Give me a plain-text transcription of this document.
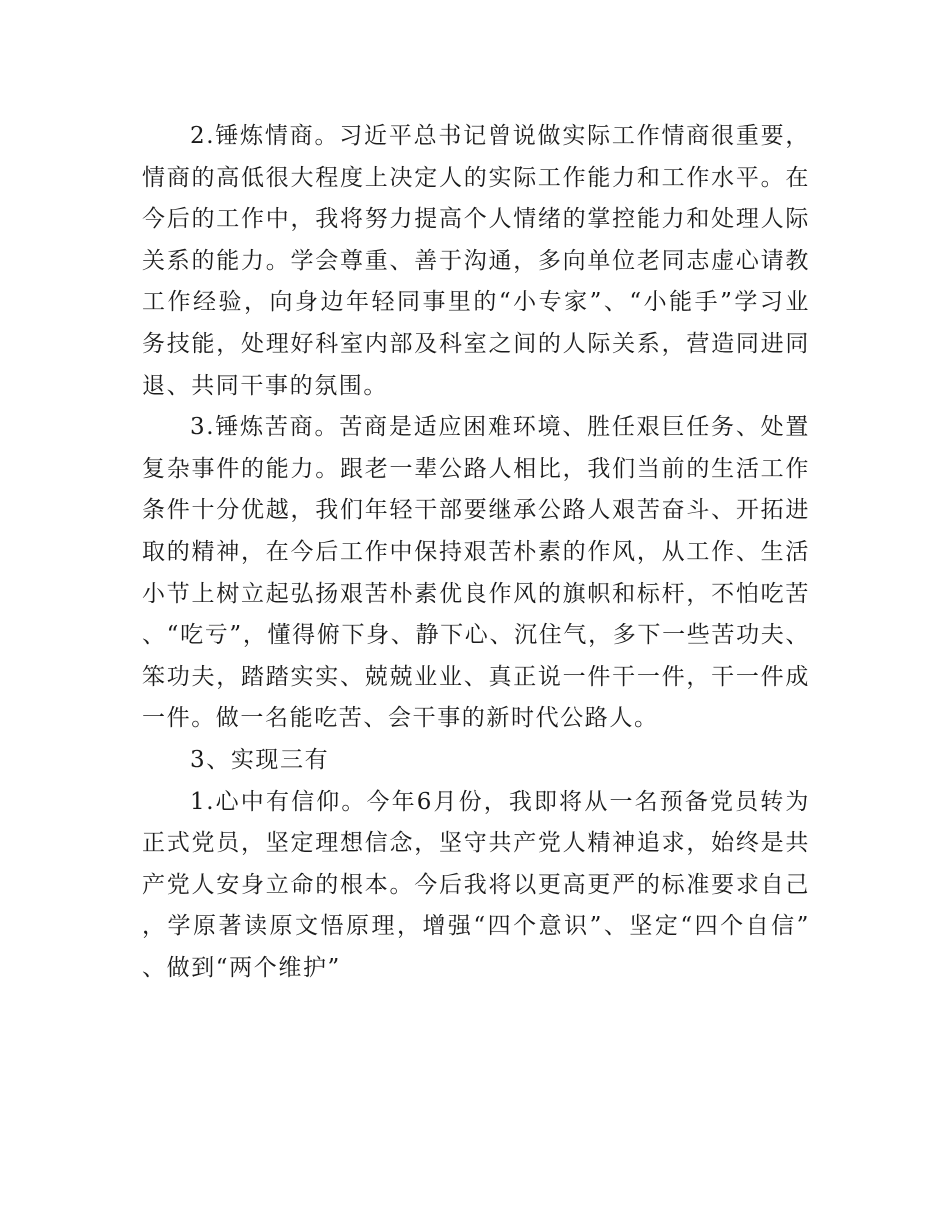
2.锤炼情商。习近平总书记曾说做实际工作情商很重要，情商的高低很大程度上决定人的实际工作能力和工作水平。在今后的工作中，我将努力提高个人情绪的掌控能力和处理人际关系的能力。学会尊重、善于沟通，多向单位老同志虚心请教工作经验，向身边年轻同事里的“小专家”、“小能手”学习业务技能，处理好科室内部及科室之间的人际关系，营造同进同退、共同干事的氛围。

3.锤炼苦商。苦商是适应困难环境、胜任艰巨任务、处置复杂事件的能力。跟老一辈公路人相比，我们当前的生活工作条件十分优越，我们年轻干部要继承公路人艰苦奋斗、开拓进取的精神，在今后工作中保持艰苦朴素的作风，从工作、生活小节上树立起弘扬艰苦朴素优良作风的旗帜和标杆，不怕吃苦、“吃亏”，懂得俯下身、静下心、沉住气，多下一些苦功夫、笨功夫，踏踏实实、兢兢业业、真正说一件干一件，干一件成一件。做一名能吃苦、会干事的新时代公路人。

3、实现三有

1.心中有信仰。今年6月份，我即将从一名预备党员转为正式党员，坚定理想信念，坚守共产党人精神追求，始终是共产党人安身立命的根本。今后我将以更高更严的标准要求自己，学原著读原文悟原理，增强“四个意识”、坚定“四个自信”、做到“两个维护”
